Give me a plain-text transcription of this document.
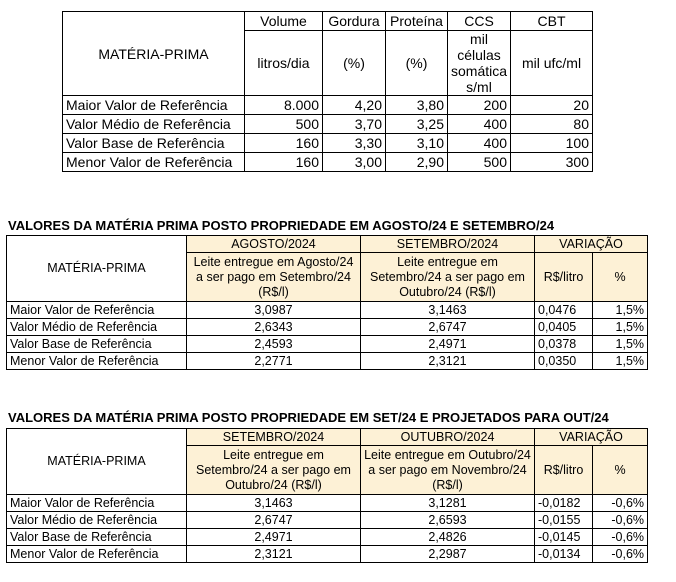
MATÉRIA-PRIMA	Volume	Gordura	Proteína	CCS	CBT
	litros/dia	(%)	(%)	mil células somática s/ml	mil ufc/ml
Maior Valor de Referência	8.000	4,20	3,80	200	20
Valor Médio de Referência	500	3,70	3,25	400	80
Valor Base de Referência	160	3,30	3,10	400	100
Menor Valor de Referência	160	3,00	2,90	500	300
VALORES DA MATÉRIA PRIMA POSTO PROPRIEDADE EM AGOSTO/24 E SETEMBRO/24
MATÉRIA-PRIMA	AGOSTO/2024	SETEMBRO/2024	VARIAÇÃO	
	Leite entregue em Agosto/24 a ser pago em Setembro/24 (R$/l)	Leite entregue em Setembro/24 a ser pago em Outubro/24 (R$/l)	R$/litro	%
Maior Valor de Referência	3,0987	3,1463	0,0476	1,5%
Valor Médio de Referência	2,6343	2,6747	0,0405	1,5%
Valor Base de Referência	2,4593	2,4971	0,0378	1,5%
Menor Valor de Referência	2,2771	2,3121	0,0350	1,5%
VALORES DA MATÉRIA PRIMA POSTO PROPRIEDADE EM SET/24 E PROJETADOS PARA OUT/24
MATÉRIA-PRIMA	SETEMBRO/2024	OUTUBRO/2024	VARIAÇÃO	
	Leite entregue em Setembro/24 a ser pago em Outubro/24 (R$/l)	Leite entregue em Outubro/24 a ser pago em Novembro/24 (R$/l)	R$/litro	%
Maior Valor de Referência	3,1463	3,1281	-0,0182	-0,6%
Valor Médio de Referência	2,6747	2,6593	-0,0155	-0,6%
Valor Base de Referência	2,4971	2,4826	-0,0145	-0,6%
Menor Valor de Referência	2,3121	2,2987	-0,0134	-0,6%
